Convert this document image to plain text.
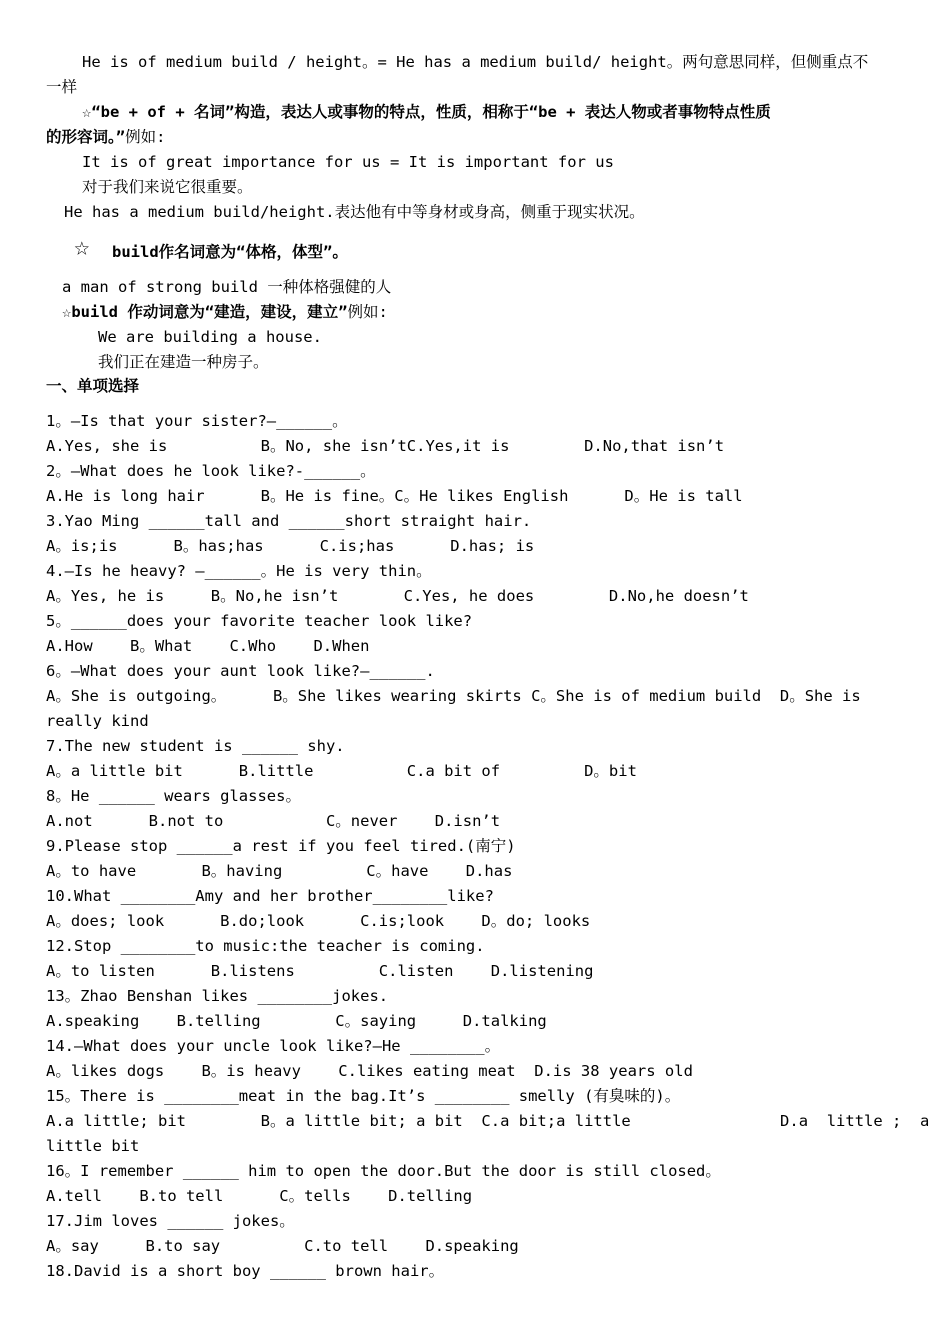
He is of medium build / height。= He has a medium build/ height。两句意思同样，但侧重点不
一样
☆“be + of + 名词”构造，表达人或事物的特点，性质，相称于“be + 表达人物或者事物特点性质
的形容词。”例如:
It is of great importance for us = It is important for us
对于我们来说它很重要。
He has a medium build/height.表达他有中等身材或身高，侧重于现实状况。
☆ build作名词意为“体格，体型”。
a man of strong build 一种体格强健的人
☆build 作动词意为“建造，建设，建立”例如:
We are building a house.
我们正在建造一种房子。
一、单项选择
1。—Is that your sister?—______。
A.Yes, she is          B。No, she isn’tC.Yes,it is        D.No,that isn’t
2。—What does he look like?-______。
A.He is long hair      B。He is fine。C。He likes English      D。He is tall
3.Yao Ming ______tall and ______short straight hair.
A。is;is      B。has;has      C.is;has      D.has; is
4.—Is he heavy? —______。He is very thin。
A。Yes, he is     B。No,he isn’t       C.Yes, he does        D.No,he doesn’t
5。______does your favorite teacher look like?
A.How    B。What    C.Who    D.When
6。—What does your aunt look like?—______.
A。She is outgoing。     B。She likes wearing skirts C。She is of medium build  D。She is
really kind
7.The new student is ______ shy.
A。a little bit      B.little          C.a bit of         D。bit
8。He ______ wears glasses。
A.not      B.not to           C。never    D.isn’t
9.Please stop ______a rest if you feel tired.(南宁)
A。to have       B。having         C。have    D.has
10.What ________Amy and her brother________like?
A。does; look      B.do;look      C.is;look    D。do; looks
12.Stop ________to music:the teacher is coming.
A。to listen      B.listens         C.listen    D.listening
13。Zhao Benshan likes ________jokes.
A.speaking    B.telling        C。saying     D.talking
14.—What does your uncle look like?—He ________。
A。likes dogs    B。is heavy    C.likes eating meat  D.is 38 years old
15。There is ________meat in the bag.It’s ________ smelly (有臭味的)。
A.a little; bit        B。a little bit; a bit  C.a bit;a little                D.a  little ;  a
little bit
16。I remember ______ him to open the door.But the door is still closed。
A.tell    B.to tell      C。tells    D.telling
17.Jim loves ______ jokes。
A。say     B.to say         C.to tell    D.speaking
18.David is a short boy ______ brown hair。
